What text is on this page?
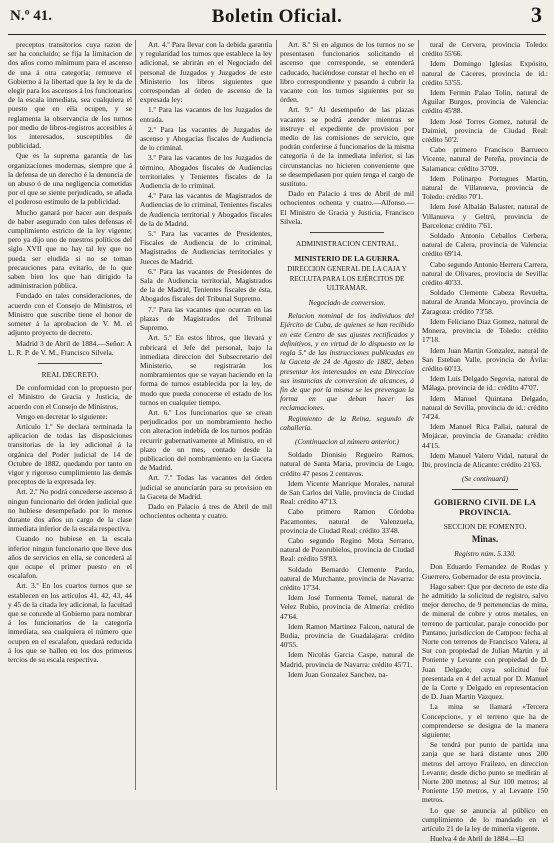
N.º 41.	Boletin Oficial.	3

preceptos transitorios cuya razon de ser ha concluido; se fija la limitacion de dos años como mínimum para el ascenso de una á otra categoría; remueve el Gobierno á la libertad que la ley le da de elegir para los ascensos á los funcionarios de la escala inmediata, sea cualquiera el puesto que en ella ocupen, y se reglamenta la observancia de los turnos por medio de libros-registros accesibles á los interesados, susceptibles de publicidad.

Que es la suprema garantía de las organizaciones modernas, siempre que á la defensa de un derecho é la denuncia de un abuso ó de una negligencia cometidas por el que se siente perjudicado, se añada el poderoso estímulo de la publicidad.

Mucho ganará por hacer aun después de haber asegurado con tales defensas el cumplimiento estricto de la ley vigente; pero ya dijo uno de nuestros políticos del siglo XVII que no hay tal ley que no pueda ser eludida si no se toman precauciones para evitarlo, de lo que saben bien los que han dirigido la administracion pública.

Fundado en tales consideraciones, de acuerdo con el Consejo de Ministros, el Ministro que suscribe tiene el honor de someter á la aprobacion de V. M. el adjunto proyecto de decreto.

Madrid 3 de Abril de 1884.—Señor: A L. R. P. de V. M., Francisco Silvela.

REAL DECRETO.

De conformidad con lo propuesto por el Ministro de Gracia y Justicia, de acuerdo con el Consejo de Ministros,

Vengo en decretar lo siguiente:

Artículo 1.º Se declara terminada la aplicacion de todas las disposiciones transitorias de la ley adicional á la orgánica del Poder judicial de 14 de Octubre de 1882, quedando por tanto en vigor y rigoroso cumplimiento las demás preceptos de la expresada ley.

Art. 2.º No podrá concederse ascenso á ningun funcionario del órden judicial que no hubiese desempeñado por lo menos durante dos años un cargo de la clase inmediata inferior de la escala respectiva.

Cuando no hubiese en la escala inferior ningun funcionario que lleve dos años de servicios en ella, se concederá al que ocupe el primer puesto en el escalafon.

Art. 3.º En los cuartos turnos que se establecen en los artículos 41, 42, 43, 44 y 45 de la citada ley adicional, la facultad que se concede al Gobierno para nombrar á los funcionarios de la categoría inmediata, sea cualquiera el número que ocupen en el escalafon, quedará reducida á los que se hallen en los dos primeros tercios de su escala respectiva.

Art. 4.º Para llevar con la debida garantía y regularidad los turnos que establece la ley adicional, se abrirán en el Negociado del personal de Juzgados y Juzgados de este Ministerio los libros siguientes que correspondan al órden de ascenso de la expresada ley:

1.º Para las vacantes de los Juzgados de entrada.

2.º Para las vacantes de Juzgados de ascenso y Abogacías fiscales de Audiencia de lo criminal.

3.º Para las vacantes de los Juzgados de término, Abogados fiscales de Audiencias territoriales y Tenientes fiscales de la Audiencia de lo criminal.

4.º Para las vacantes de Magistrados de Audiencias de lo criminal, Tenientes fiscales de Audiencia territorial y Abogados fiscales de la de Madrid.

5.º Para las vacantes de Presidentes, Fiscales de Audiencia de lo criminal, Magistrados de Audiencias territoriales y Jueces de Madrid.

6.º Para las vacantes de Presidentes de Sala de Audiencia territorial, Magistrados de la de Madrid, Tenientes fiscales de ésta, Abogados fiscales del Tribunal Supremo.

7.º Para las vacantes que ocurran en las plazas de Magistrados del Tribunal Supremo.

Art. 5.º En estos libros, que llevará y rubricará el Jefe del personal, bajo la inmediata direccion del Subsecretario del Ministerio, se registrarán los nombramientos que se vayan haciendo en la forma de turnos establecida por la ley, de modo que pueda conocerse el estado de los turnos en cualquier tiempo.

Art. 6.º Los funcionarios que se crean perjudicados por un nombramiento hecho con alteracion indebida de los turnos podrán recurrir gubernativamente al Ministro, en el plazo de un mes, contado desde la publicacion del nombramiento en la Gaceta de Madrid.

Art. 7.º Todas las vacantes del órden judicial se anunciarán para su provision en la Gaceta de Madrid.

Dado en Palacio á tres de Abril de mil ochocientos ochenta y cuatro.

Art. 8.º Si en algunos de los turnos no se presentasen funcionarios solicitando el ascenso que corresponde, se entenderá caducado, haciéndose constar el hecho en el libro correspondiente y pasando á cubrir la vacante con los turnos siguientes por su órden.

Art. 9.º Al desempeño de las plazas vacantes se podrá atender mientras se instruye el expediente de provision por medio de las comisiones de servicio, que podrán conferirse á funcionarios de la misma categoría ó de la inmediata inferior, si las circunstancias no hicieren conveniente que se desempeñasen por quien tenga el cargo de sustituto.

Dado en Palacio á tres de Abril de mil ochocientos ochenta y cuatro.—Alfonso.—El Ministro de Gracia y Justicia, Francisco Silvela.

ADMINISTRACION CENTRAL.

MINISTERIO DE LA GUERRA.

DIRECCION GENERAL DE LA CAJA Y RECLUTA PARA LOS EJÉRCITOS DE ULTRAMAR.

Negociado de conversion.

Relacion nominal de los individuos del Ejército de Cuba, de quienes se han recibido en este Centro de sus ajustes rectificados y definitivos, y en virtud de lo dispuesto en la regla 5.ª de las instrucciones publicadas en la Gaceta de 24 de Agosto de 1882, deben presentar los interesados en esta Direccion sus instancias de conversion de alcances, á fin de que por la misma se les prevengan la forma en que deban hacer las reclamaciones.

Regimiento de la Reina, segundo de caballería.

(Continuacion al número anterior.)

Soldado Dionisio Regueiro Ramos, natural de Santa Maria, provincia de Lugo, crédito 47 pesos 2 centavos.

Idem Vicente Manrique Morales, natural de San Carlos del Valle, provincia de Ciudad Real: crédito 47'13.

Cabo primero Ramon Córdoba Pacamontes, natural de Valenzuela, provincia de Ciudad Real: crédito 33'48.

Cabo segundo Regino Mota Serrano, natural de Pozorubielos, provincia de Ciudad Real: crédito 59'83.

Soldado Bernardo Clemente Pardo, natural de Murchante, provincia de Navarra: crédito 17'34.

Idem José Tormenta Ternel, natural de Velez Rubio, provincia de Almería: crédito 47'64.

Idem Ramon Martinez Falcon, natural de Budia, provincia de Guadalajara: crédito 40'55.

Idem Nicolás Garcia Caspe, natural de Madrid, provincia de Navarra: crédito 45'71.

Idem Juan Gonzalez Sanchez, na-

tural de Cervera, provincia Toledo: crédito 55'66.

Idem Domingo Iglesias Expósito, natural de Cáceres, provincia de id.: crédito 53'55.

Idem Fermin Palao Tolin, natural de Aguilar Burgos, provincia de Valencia: crédito 45'88.

Idem José Torres Gomez, natural de Daimiel, provincia de Ciudad Real: crédito 50'2.

Cabo primero Francisco Barrueco Vicente, natural de Pereña, provincia de Salamanca: crédito 37'09.

Idem Polinarpo Portugues Martin, natural de Villanueva, provincia de Toledo: crédito 70'1.

Idem José Albalán Balaster, natural de Villanueva y Geltrú, provincia de Barcelona: crédito 7'61.

Soldado Antonio Ceballos Cerbera, natural de Calera, provincia de Valencia: crédito 69'14.

Cabo segundo Antonio Herrera Carrera, natural de Olivares, provincia de Sevilla: crédito 40'33.

Soldado Clemente Cabeza Revuelta, natural de Aranda Moncayo, provincia de Zaragoza: crédito 73'58.

Idem Feliciano Diaz Gomez, natural de Monera, provincia de Toledo: crédito 17'18.

Idem Juan Martin Gonzalez, natural de San Esteban Valle, provincia de Ávila: crédito 60'13.

Idem Luis Delgado Segovia, natural de Málaga, provincia de id.: crédito 47'07.

Idem Manuel Quintana Delgado, natural de Sevilla, provincia de id.: crédito 74'24.

Idem Manuel Rica Pallai, natural de Mojácar, provincia de Granada: crédito 44'15.

Idem Manuel Valero Vidal, natural de Ibi, provincia de Alicante: crédito 21'63.

(Se continuará)

GOBIERNO CIVIL DE LA PROVINCIA.

SECCION DE FOMENTO.

Minas.

Registro núm. 5.330.

Don Eduardo Fernandez de Rodas y Guerrero, Gobernador de esta provincia.

Hago saber: Que por decreto de este día he admitido la solicitud de registro, salvo mejor derecho, de 9 pertenencias de mina, de mineral de cobre y otros metales, en terreno de particular, paraje conocido por Pantano, jurisdiccion de Campoo: fecha al Norte con terrenos de Francisco Valera, al Sur con propiedad de Julian Martin y al Poniente y Levante con propiedad de D. Juan Delgado; cuya solicitud fué presentada en 4 del actual por D. Manuel de la Corte y Delgado en representacion de D. Juan Martin Vazquez.

La mina se llamará «Tercera Concepcion», y el terreno que ha de comprenderse se designa de la manera siguiente:

Se tendrá por punto de partida una zanja que se hará distante unos 200 metros del arroyo Frailezo, en direccion Levante; desde dicho punto se medirán al Norte 200 metros; al Sur 100 metros; al Poniente 150 metros, y al Levante 150 metros.

Lo que se anuncia al público en cumplimiento de lo mandado en el artículo 21 de la ley de minería vigente.

Huelva 4 de Abril de 1884.—El
